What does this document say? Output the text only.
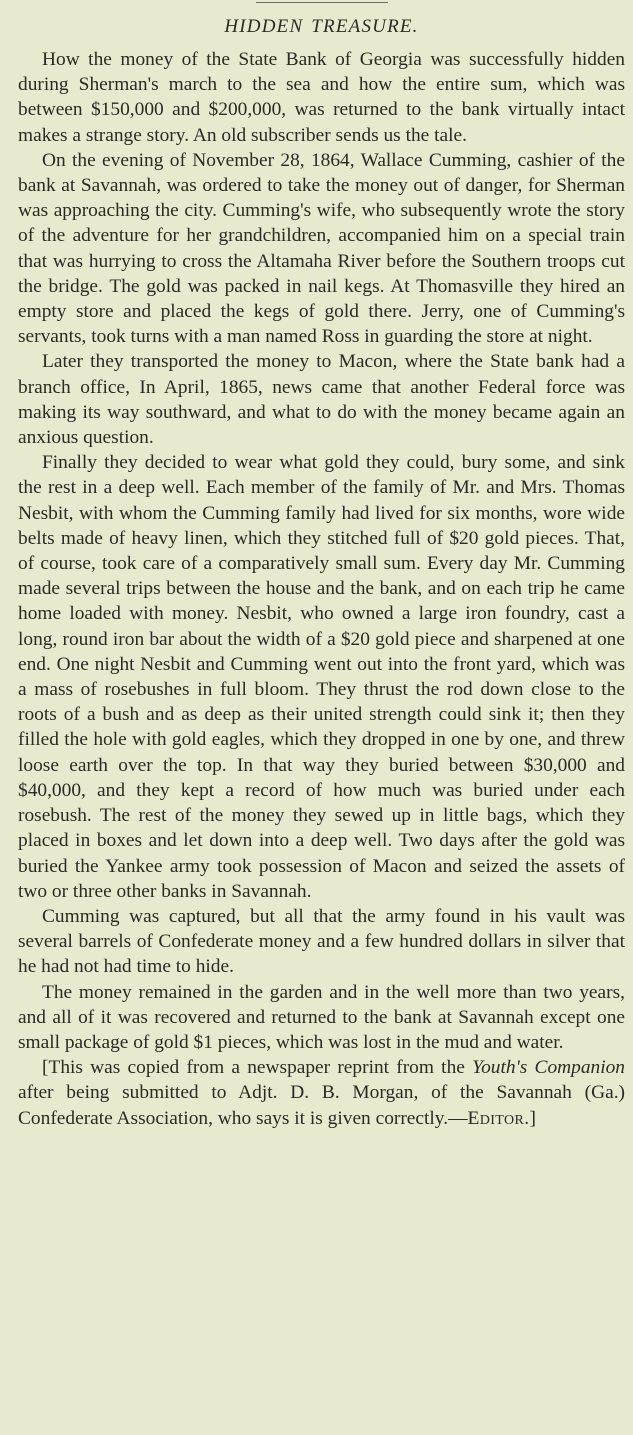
HIDDEN TREASURE.

How the money of the State Bank of Georgia was successfully hidden during Sherman's march to the sea and how the entire sum, which was between $150,000 and $200,000, was returned to the bank virtually intact makes a strange story. An old subscriber sends us the tale.

On the evening of November 28, 1864, Wallace Cumming, cashier of the bank at Savannah, was ordered to take the money out of danger, for Sherman was approaching the city. Cumming's wife, who subsequently wrote the story of the adventure for her grandchildren, accompanied him on a special train that was hurrying to cross the Altamaha River before the Southern troops cut the bridge. The gold was packed in nail kegs. At Thomasville they hired an empty store and placed the kegs of gold there. Jerry, one of Cumming's servants, took turns with a man named Ross in guarding the store at night.

Later they transported the money to Macon, where the State bank had a branch office, In April, 1865, news came that another Federal force was making its way southward, and what to do with the money became again an anxious question.

Finally they decided to wear what gold they could, bury some, and sink the rest in a deep well. Each member of the family of Mr. and Mrs. Thomas Nesbit, with whom the Cumming family had lived for six months, wore wide belts made of heavy linen, which they stitched full of $20 gold pieces. That, of course, took care of a comparatively small sum. Every day Mr. Cumming made several trips between the house and the bank, and on each trip he came home loaded with money. Nesbit, who owned a large iron foundry, cast a long, round iron bar about the width of a $20 gold piece and sharpened at one end. One night Nesbit and Cumming went out into the front yard, which was a mass of rosebushes in full bloom. They thrust the rod down close to the roots of a bush and as deep as their united strength could sink it; then they filled the hole with gold eagles, which they dropped in one by one, and threw loose earth over the top. In that way they buried between $30,000 and $40,000, and they kept a record of how much was buried under each rosebush. The rest of the money they sewed up in little bags, which they placed in boxes and let down into a deep well. Two days after the gold was buried the Yankee army took possession of Macon and seized the assets of two or three other banks in Savannah.

Cumming was captured, but all that the army found in his vault was several barrels of Confederate money and a few hundred dollars in silver that he had not had time to hide.

The money remained in the garden and in the well more than two years, and all of it was recovered and returned to the bank at Savannah except one small package of gold $1 pieces, which was lost in the mud and water.

[This was copied from a newspaper reprint from the Youth's Companion after being submitted to Adjt. D. B. Morgan, of the Savannah (Ga.) Confederate Association, who says it is given correctly.—Editor.]
